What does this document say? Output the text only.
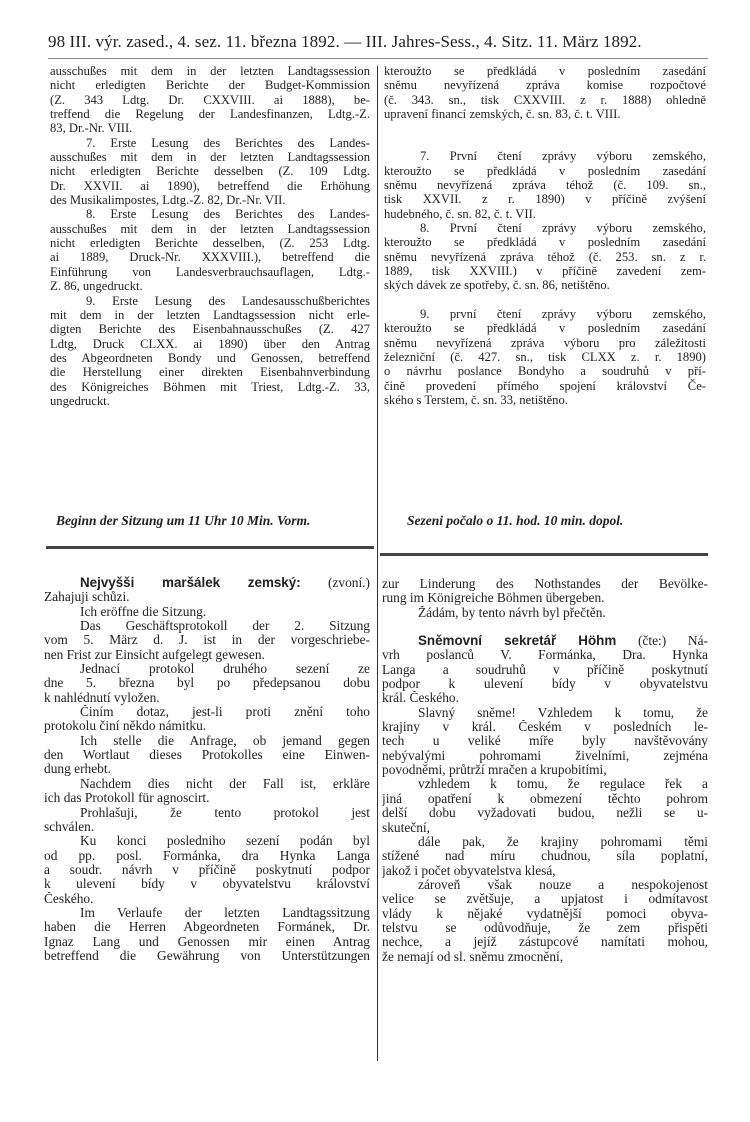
98 III. výr. zased., 4. sez. 11. března 1892. — III. Jahres-Sess., 4. Sitz. 11. März 1892.
ausschußes mit dem in der letzten Landtagssession
nicht erledigten Berichte der Budget-Kommission
(Z. 343 Ldtg. Dr. CXXVIII. ai 1888), be-
treffend die Regelung der Landesfinanzen, Ldtg.-Z.
83, Dr.-Nr. VIII.
7. Erste Lesung des Berichtes des Landes-
ausschußes mit dem in der letzten Landtagssession
nicht erledigten Berichte desselben (Z. 109 Ldtg.
Dr. XXVII. ai 1890), betreffend die Erhöhung
des Musikalimpostes, Ldtg.-Z. 82, Dr.-Nr. VII.
8. Erste Lesung des Berichtes des Landes-
ausschußes mit dem in der letzten Landtagssession
nicht erledigten Berichte desselben, (Z. 253 Ldtg.
ai 1889, Druck-Nr. XXXVIII.), betreffend die
Einführung von Landesverbrauchsauflagen, Ldtg.-
Z. 86, ungedruckt.
9. Erste Lesung des Landesausschußberichtes
mit dem in der letzten Landtagssession nicht erle-
digten Berichte des Eisenbahnausschußes (Z. 427
Ldtg, Druck CLXX. ai 1890) über den Antrag
des Abgeordneten Bondy und Genossen, betreffend
die Herstellung einer direkten Eisenbahnverbindung
des Königreiches Böhmen mit Triest, Ldtg.-Z. 33,
ungedruckt.
kteroužto se předkládá v posledním zasedání
sněmu nevyřízená zpráva komise rozpočtové
(č. 343. sn., tisk CXXVIII. z r. 1888) ohledně
upravení financí zemských, č. sn. 83, č. t. VIII.
7. První čtení zprávy výboru zemského,
kteroužto se předkládá v posledním zasedání
sněmu nevyřízená zpráva téhož (č. 109. sn.,
tisk XXVII. z r. 1890) v příčině zvýšení
hudebného, č. sn. 82, č. t. VII.
8. První čtení zprávy výboru zemského,
kteroužto se předkládá v posledním zasedání
sněmu nevyřízená zpráva téhož (č. 253. sn. z r.
1889, tisk XXVIII.) v příčině zavedení zem-
ských dávek ze spotřeby, č. sn. 86, netištěno.
9. první čtení zprávy výboru zemského,
kteroužto se předkládá v posledním zasedání
sněmu nevyřízená zpráva výboru pro záležitosti
železniční (č. 427. sn., tisk CLXX z. r. 1890)
o návrhu poslance Bondyho a soudruhů v pří-
čině provedení přímého spojení království Če-
ského s Terstem, č. sn. 33, netištěno.
Beginn der Sitzung um 11 Uhr 10 Min. Vorm.	Sezeni počalo o 11. hod. 10 min. dopol.
Nejvyšši maršálek zemský: (zvoní.)
Zahajuji schůzi.
Ich eröffne die Sitzung.
Das Geschäftsprotokoll der 2. Sitzung
vom 5. März d. J. ist in der vorgeschriebe-
nen Frist zur Einsicht aufgelegt gewesen.
Jednací protokol druhého sezení ze
dne 5. března byl po předepsanou dobu
k nahlédnutí vyložen.
Činím dotaz, jest-li proti znění toho
protokolu činí někdo námitku.
Ich stelle die Anfrage, ob jemand gegen
den Wortlaut dieses Protokolles eine Einwen-
dung erhebt.
Nachdem dies nicht der Fall ist, erkläre
ich das Protokoll für agnoscirt.
Prohlašuji, že tento protokol jest
schválen.
Ku konci posledniho sezení podán byl
od pp. posl. Formánka, dra Hynka Langa
a soudr. návrh v příčině poskytnutí podpor
k ulevení bídy v obyvatelstvu království
Českého.
Im Verlaufe der letzten Landtagssitzung
haben die Herren Abgeordneten Formánek, Dr.
Ignaz Lang und Genossen mir einen Antrag
betreffend die Gewährung von Unterstützungen
zur Linderung des Nothstandes der Bevölke-
rung im Königreiche Böhmen übergeben.
Žádám, by tento návrh byl přečtěn.
Sněmovní sekretář Höhm (čte:) Ná-
vrh poslanců V. Formánka, Dra. Hynka
Langa a soudruhů v příčině poskytnutí
podpor k ulevení bídy v obyvatelstvu
král. Českého.
Slavný sněme! Vzhledem k tomu, že
krajiny v král. Českém v posledních le-
tech u veliké míře byly navštěvovány
nebývalými pohromami živelními, zejména
povodněmi, průtrží mračen a krupobitími,
vzhledem k tomu, že regulace řek a
jiná opatření k obmezení těchto pohrom
delší dobu vyžadovati budou, nežli se u-
skuteční,
dále pak, že krajiny pohromami těmi
stížené nad míru chudnou, síla poplatní,
jakož i počet obyvatelstva klesá,
zároveň však nouze a nespokojenost
velice se zvětšuje, a upjatost i odmítavost
vlády k nějaké vydatnější pomoci obyva-
telstvu se odůvodňuje, že zem přispěti
nechce, a jejíž zástupcové namítati mohou,
že nemají od sl. sněmu zmocnění,
